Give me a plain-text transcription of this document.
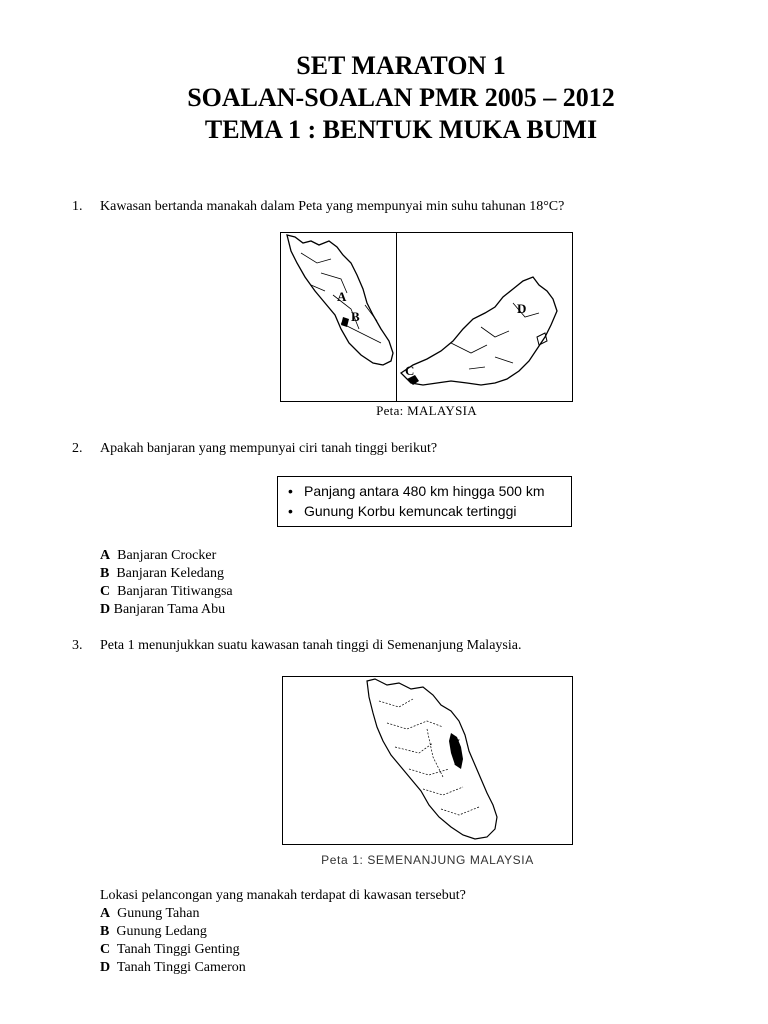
SET MARATON 1
SOALAN-SOALAN PMR 2005 – 2012
TEMA 1 : BENTUK MUKA BUMI
1. Kawasan bertanda manakah dalam Peta yang mempunyai min suhu tahunan 18°C?
A
B
C
D
Peta: MALAYSIA
2. Apakah banjaran yang mempunyai ciri tanah tinggi berikut?
• Panjang antara 480 km hingga 500 km
• Gunung Korbu kemuncak tertinggi
A Banjaran Crocker
B Banjaran Keledang
C Banjaran Titiwangsa
D Banjaran Tama Abu
3. Peta 1 menunjukkan suatu kawasan tanah tinggi di Semenanjung Malaysia.
Peta 1: SEMENANJUNG MALAYSIA
Lokasi pelancongan yang manakah terdapat di kawasan tersebut?
A Gunung Tahan
B Gunung Ledang
C Tanah Tinggi Genting
D Tanah Tinggi Cameron
